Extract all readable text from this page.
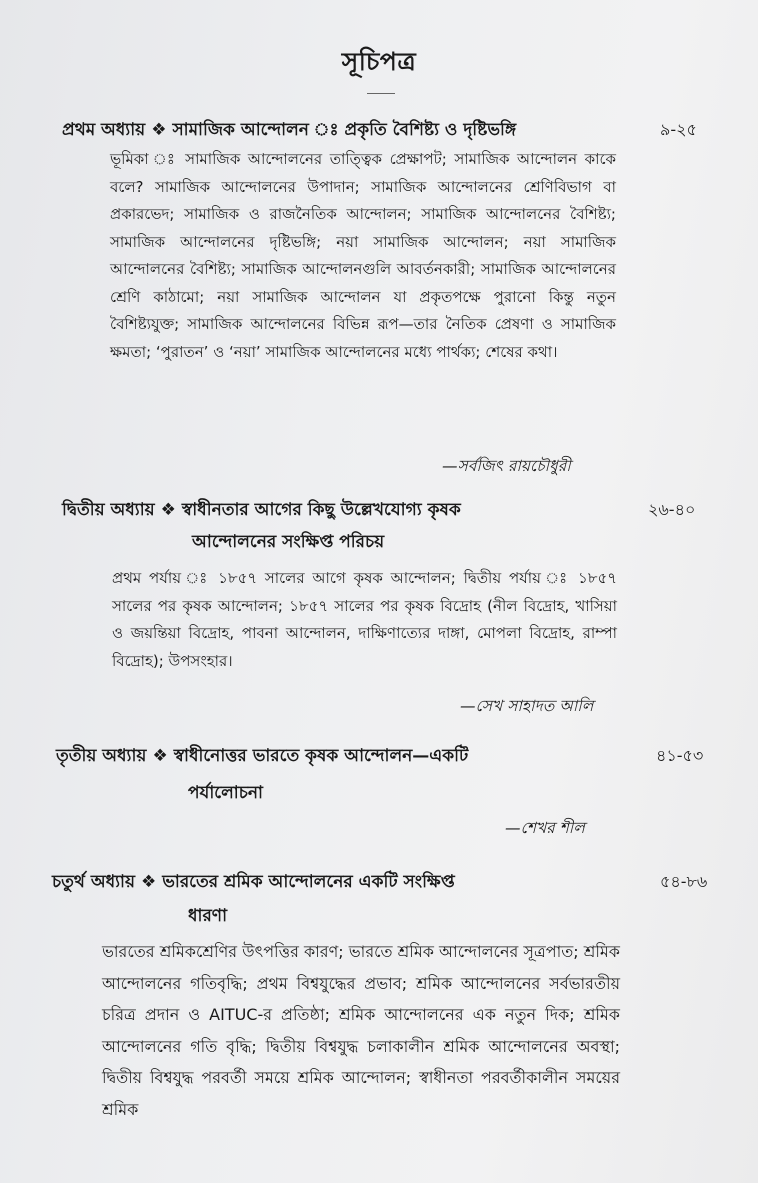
সূচিপত্র
প্রথম অধ্যায় ❖ সামাজিক আন্দোলন ঃ প্রকৃতি বৈশিষ্ট্য ও দৃষ্টিভঙ্গি	৯-২৫
ভূমিকা ঃ সামাজিক আন্দোলনের তাত্ত্বিক প্রেক্ষাপট; সামাজিক আন্দোলন কাকে বলে? সামাজিক আন্দোলনের উপাদান; সামাজিক আন্দোলনের শ্রেণিবিভাগ বা প্রকারভেদ; সামাজিক ও রাজনৈতিক আন্দোলন; সামাজিক আন্দোলনের বৈশিষ্ট্য; সামাজিক আন্দোলনের দৃষ্টিভঙ্গি; নয়া সামাজিক আন্দোলন; নয়া সামাজিক আন্দোলনের বৈশিষ্ট্য; সামাজিক আন্দোলনগুলি আবর্তনকারী; সামাজিক আন্দোলনের শ্রেণি কাঠামো; নয়া সামাজিক আন্দোলন যা প্রকৃতপক্ষে পুরানো কিন্তু নতুন বৈশিষ্ট্যযুক্ত; সামাজিক আন্দোলনের বিভিন্ন রূপ—তার নৈতিক প্রেষণা ও সামাজিক ক্ষমতা; ‘পুরাতন’ ও ‘নয়া’ সামাজিক আন্দোলনের মধ্যে পার্থক্য; শেষের কথা।
—সর্বজিৎ রায়চৌধুরী
দ্বিতীয় অধ্যায় ❖ স্বাধীনতার আগের কিছু উল্লেখযোগ্য কৃষক
আন্দোলনের সংক্ষিপ্ত পরিচয়
২৬-৪০
প্রথম পর্যায় ঃ ১৮৫৭ সালের আগে কৃষক আন্দোলন; দ্বিতীয় পর্যায় ঃ ১৮৫৭ সালের পর কৃষক আন্দোলন; ১৮৫৭ সালের পর কৃষক বিদ্রোহ (নীল বিদ্রোহ, খাসিয়া ও জয়ন্তিয়া বিদ্রোহ, পাবনা আন্দোলন, দাক্ষিণাত্যের দাঙ্গা, মোপলা বিদ্রোহ, রাম্পা বিদ্রোহ); উপসংহার।
—সেখ সাহাদত আলি
তৃতীয় অধ্যায় ❖ স্বাধীনোত্তর ভারতে কৃষক আন্দোলন—একটি
পর্যালোচনা
৪১-৫৩
—শেখর শীল
চতুর্থ অধ্যায় ❖ ভারতের শ্রমিক আন্দোলনের একটি সংক্ষিপ্ত
ধারণা
৫৪-৮৬
ভারতের শ্রমিকশ্রেণির উৎপত্তির কারণ; ভারতে শ্রমিক আন্দোলনের সূত্রপাত; শ্রমিক আন্দোলনের গতিবৃদ্ধি; প্রথম বিশ্বযুদ্ধের প্রভাব; শ্রমিক আন্দোলনের সর্বভারতীয় চরিত্র প্রদান ও AITUC-র প্রতিষ্ঠা; শ্রমিক আন্দোলনের এক নতুন দিক; শ্রমিক আন্দোলনের গতি বৃদ্ধি; দ্বিতীয় বিশ্বযুদ্ধ চলাকালীন শ্রমিক আন্দোলনের অবস্থা; দ্বিতীয় বিশ্বযুদ্ধ পরবর্তী সময়ে শ্রমিক আন্দোলন; স্বাধীনতা পরবর্তীকালীন সময়ের শ্রমিক
